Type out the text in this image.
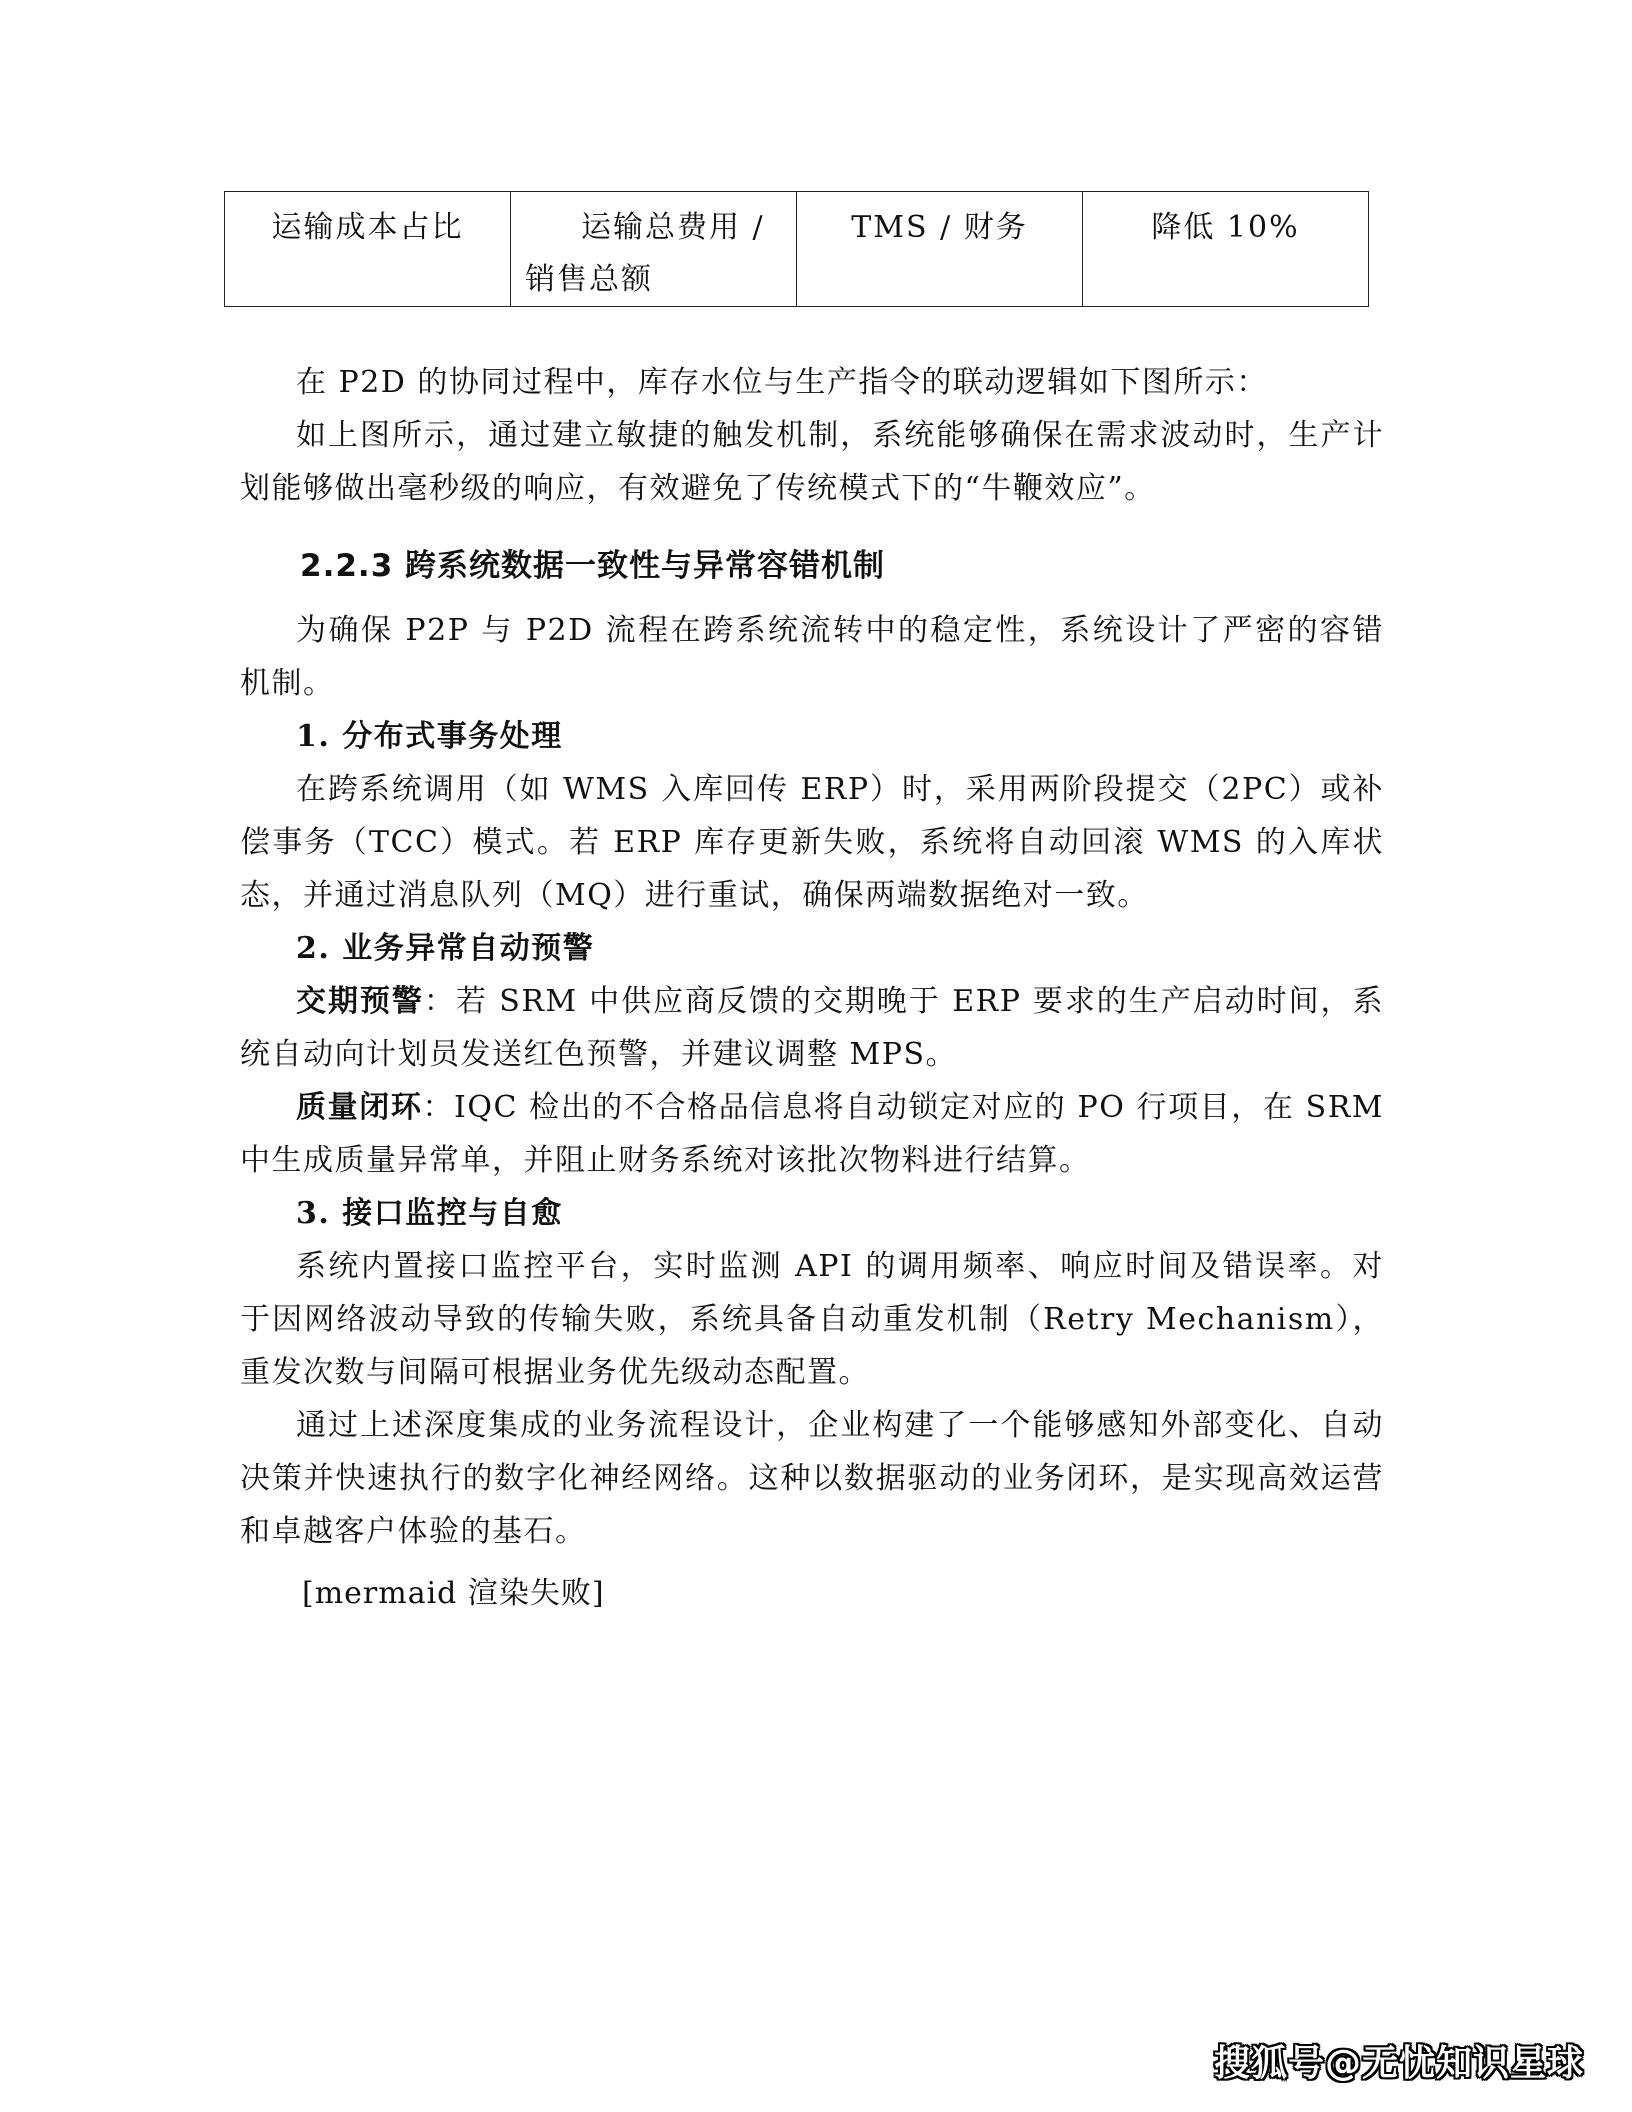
运输成本占比	运输总费用 / 销售总额	TMS / 财务	降低 10%

在 P2D 的协同过程中，库存水位与生产指令的联动逻辑如下图所示：

如上图所示，通过建立敏捷的触发机制，系统能够确保在需求波动时，生产计划能够做出毫秒级的响应，有效避免了传统模式下的“牛鞭效应”。

2.2.3 跨系统数据一致性与异常容错机制

为确保 P2P 与 P2D 流程在跨系统流转中的稳定性，系统设计了严密的容错机制。

1. 分布式事务处理

在跨系统调用（如 WMS 入库回传 ERP）时，采用两阶段提交（2PC）或补偿事务（TCC）模式。若 ERP 库存更新失败，系统将自动回滚 WMS 的入库状态，并通过消息队列（MQ）进行重试，确保两端数据绝对一致。

2. 业务异常自动预警

交期预警：若 SRM 中供应商反馈的交期晚于 ERP 要求的生产启动时间，系统自动向计划员发送红色预警，并建议调整 MPS。

质量闭环：IQC 检出的不合格品信息将自动锁定对应的 PO 行项目，在 SRM 中生成质量异常单，并阻止财务系统对该批次物料进行结算。

3. 接口监控与自愈

系统内置接口监控平台，实时监测 API 的调用频率、响应时间及错误率。对于因网络波动导致的传输失败，系统具备自动重发机制（Retry Mechanism），重发次数与间隔可根据业务优先级动态配置。

通过上述深度集成的业务流程设计，企业构建了一个能够感知外部变化、自动决策并快速执行的数字化神经网络。这种以数据驱动的业务闭环，是实现高效运营和卓越客户体验的基石。

[mermaid 渲染失败]
搜狐号@无忧知识星球
